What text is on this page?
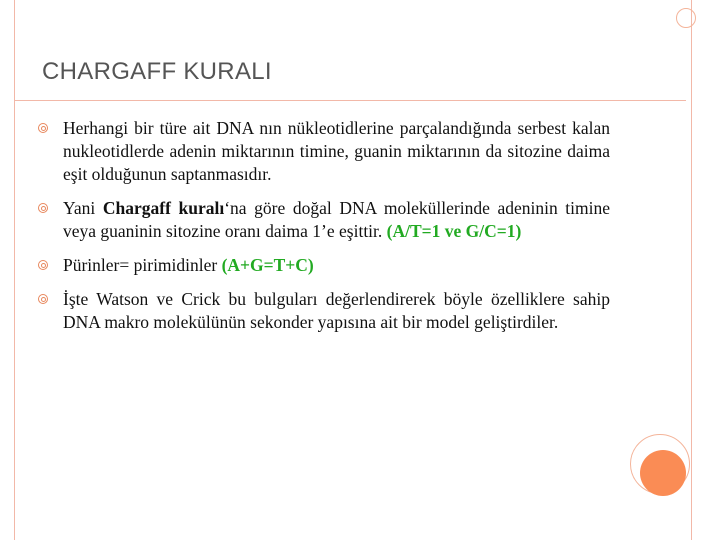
CHARGAFF KURALI
Herhangi bir türe ait DNA nın nükleotidlerine parçalandığında serbest kalan nukleotidlerde adenin miktarının timine, guanin miktarının da sitozine daima eşit olduğunun saptanmasıdır.
Yani Chargaff kuralı‘na göre doğal DNA moleküllerinde adeninin timine veya guaninin sitozine oranı daima 1’e eşittir. (A/T=1 ve G/C=1)
Pürinler= pirimidinler (A+G=T+C)
İşte Watson ve Crick bu bulguları değerlendirerek böyle özelliklere sahip DNA makro molekülünün sekonder yapısına ait bir model geliştirdiler.
